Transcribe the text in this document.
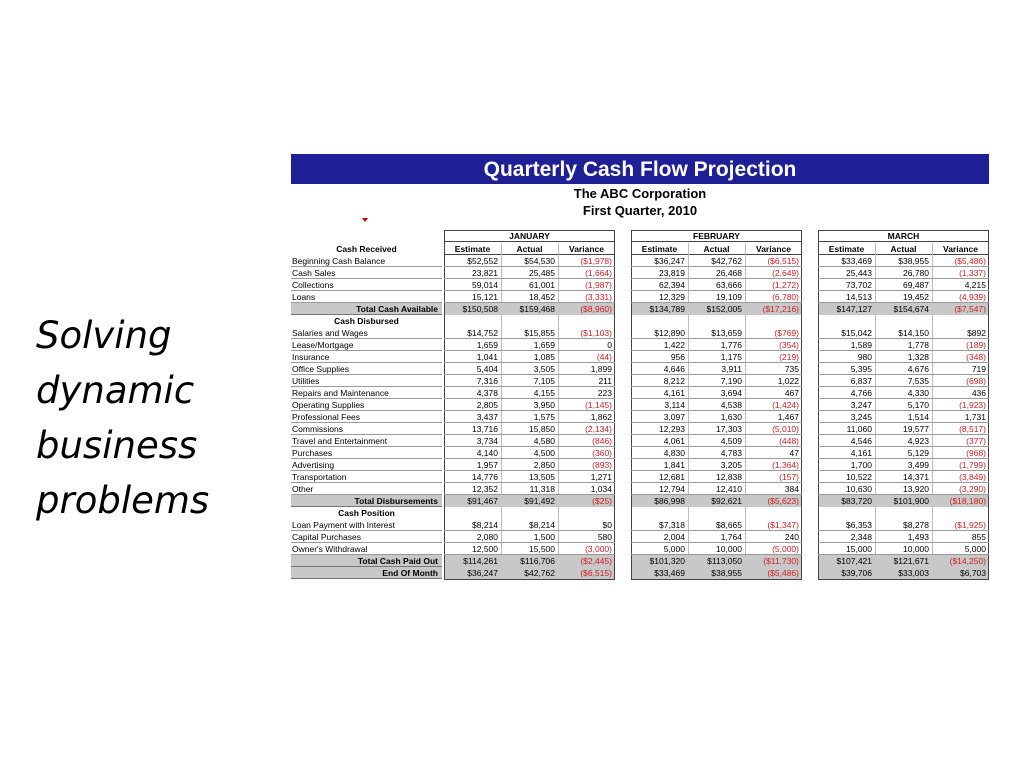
Solving
dynamic
business
problems
Quarterly Cash Flow Projection
The ABC Corporation
First Quarter, 2010
JANUARY
Estimate	Actual	Variance
FEBRUARY
Estimate	Actual	Variance
MARCH
Estimate	Actual	Variance
Cash Received
Beginning Cash Balance	$52,552	$54,530	($1,978)	$36,247	$42,762	($6,515)	$33,469	$38,955	($5,486)
Cash Sales	23,821	25,485	(1,664)	23,819	26,468	(2,649)	25,443	26,780	(1,337)
Collections	59,014	61,001	(1,987)	62,394	63,666	(1,272)	73,702	69,487	4,215
Loans	15,121	18,452	(3,331)	12,329	19,109	(6,780)	14,513	19,452	(4,939)
Total Cash Available	$150,508	$159,468	($8,960)	$134,789	$152,005	($17,216)	$147,127	$154,674	($7,547)
Cash Disbursed
Salaries and Wages	$14,752	$15,855	($1,103)	$12,890	$13,659	($769)	$15,042	$14,150	$892
Lease/Mortgage	1,659	1,659	0	1,422	1,776	(354)	1,589	1,778	(189)
Insurance	1,041	1,085	(44)	956	1,175	(219)	980	1,328	(348)
Office Supplies	5,404	3,505	1,899	4,646	3,911	735	5,395	4,676	719
Utilities	7,316	7,105	211	8,212	7,190	1,022	6,837	7,535	(698)
Repairs and Maintenance	4,378	4,155	223	4,161	3,694	467	4,766	4,330	436
Operating Supplies	2,805	3,950	(1,145)	3,114	4,538	(1,424)	3,247	5,170	(1,923)
Professional Fees	3,437	1,575	1,862	3,097	1,630	1,467	3,245	1,514	1,731
Commissions	13,716	15,850	(2,134)	12,293	17,303	(5,010)	11,060	19,577	(8,517)
Travel and Entertainment	3,734	4,580	(846)	4,061	4,509	(448)	4,546	4,923	(377)
Purchases	4,140	4,500	(360)	4,830	4,783	47	4,161	5,129	(968)
Advertising	1,957	2,850	(893)	1,841	3,205	(1,364)	1,700	3,499	(1,799)
Transportation	14,776	13,505	1,271	12,681	12,838	(157)	10,522	14,371	(3,849)
Other	12,352	11,318	1,034	12,794	12,410	384	10,630	13,920	(3,290)
Total Disbursements	$91,467	$91,492	($25)	$86,998	$92,621	($5,623)	$83,720	$101,900	($18,180)
Cash Position
Loan Payment with Interest	$8,214	$8,214	$0	$7,318	$8,665	($1,347)	$6,353	$8,278	($1,925)
Capital Purchases	2,080	1,500	580	2,004	1,764	240	2,348	1,493	855
Owner's Withdrawal	12,500	15,500	(3,000)	5,000	10,000	(5,000)	15,000	10,000	5,000
Total Cash Paid Out	$114,261	$116,706	($2,445)	$101,320	$113,050	($11,730)	$107,421	$121,671	($14,250)
End Of Month	$36,247	$42,762	($6,515)	$33,469	$38,955	($5,486)	$39,706	$33,003	$6,703
